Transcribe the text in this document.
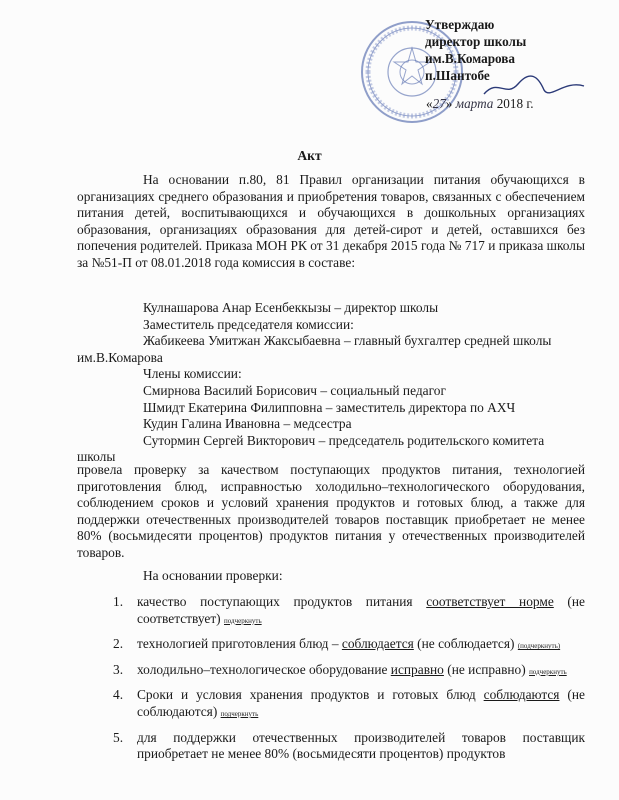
Утверждаю
директор школы
им.В.Комарова
п.Шантобе
«27» марта 2018 г.
Акт
На основании п.80, 81 Правил организации питания обучающихся в организациях среднего образования и приобретения товаров, связанных с обеспечением питания детей, воспитывающихся и обучающихся в дошкольных организациях образования, организациях образования для детей-сирот и детей, оставшихся без попечения родителей. Приказа МОН РК от 31 декабря 2015 года № 717 и приказа школы за №51-П от 08.01.2018 года комиссия в составе:
Кулнашарова Анар Есенбеккызы – директор школы
Заместитель председателя комиссии:
Жабикеева Умитжан Жаксыбаевна – главный бухгалтер средней школы
им.В.Комарова
Члены комиссии:
Смирнова Василий Борисович – социальный педагог
Шмидт Екатерина Филипповна – заместитель директора по АХЧ
Кудин Галина Ивановна – медсестра
Сутормин Сергей Викторович – председатель родительского комитета
школы
провела проверку за качеством поступающих продуктов питания, технологией приготовления блюд, исправностью холодильно–технологического оборудования, соблюдением сроков и условий хранения продуктов и готовых блюд, а также для поддержки отечественных производителей товаров поставщик приобретает не менее 80% (восьмидесяти процентов) продуктов питания у отечественных производителей товаров.
На основании проверки:
1. качество поступающих продуктов питания соответствует норме (не соответствует) подчеркнуть
2. технологией приготовления блюд – соблюдается (не соблюдается) (подчеркнуть)
3. холодильно–технологическое оборудование исправно (не исправно) подчеркнуть
4. Сроки и условия хранения продуктов и готовых блюд соблюдаются (не соблюдаются) подчеркнуть
5. для поддержки отечественных производителей товаров поставщик приобретает не менее 80% (восьмидесяти процентов) продуктов
